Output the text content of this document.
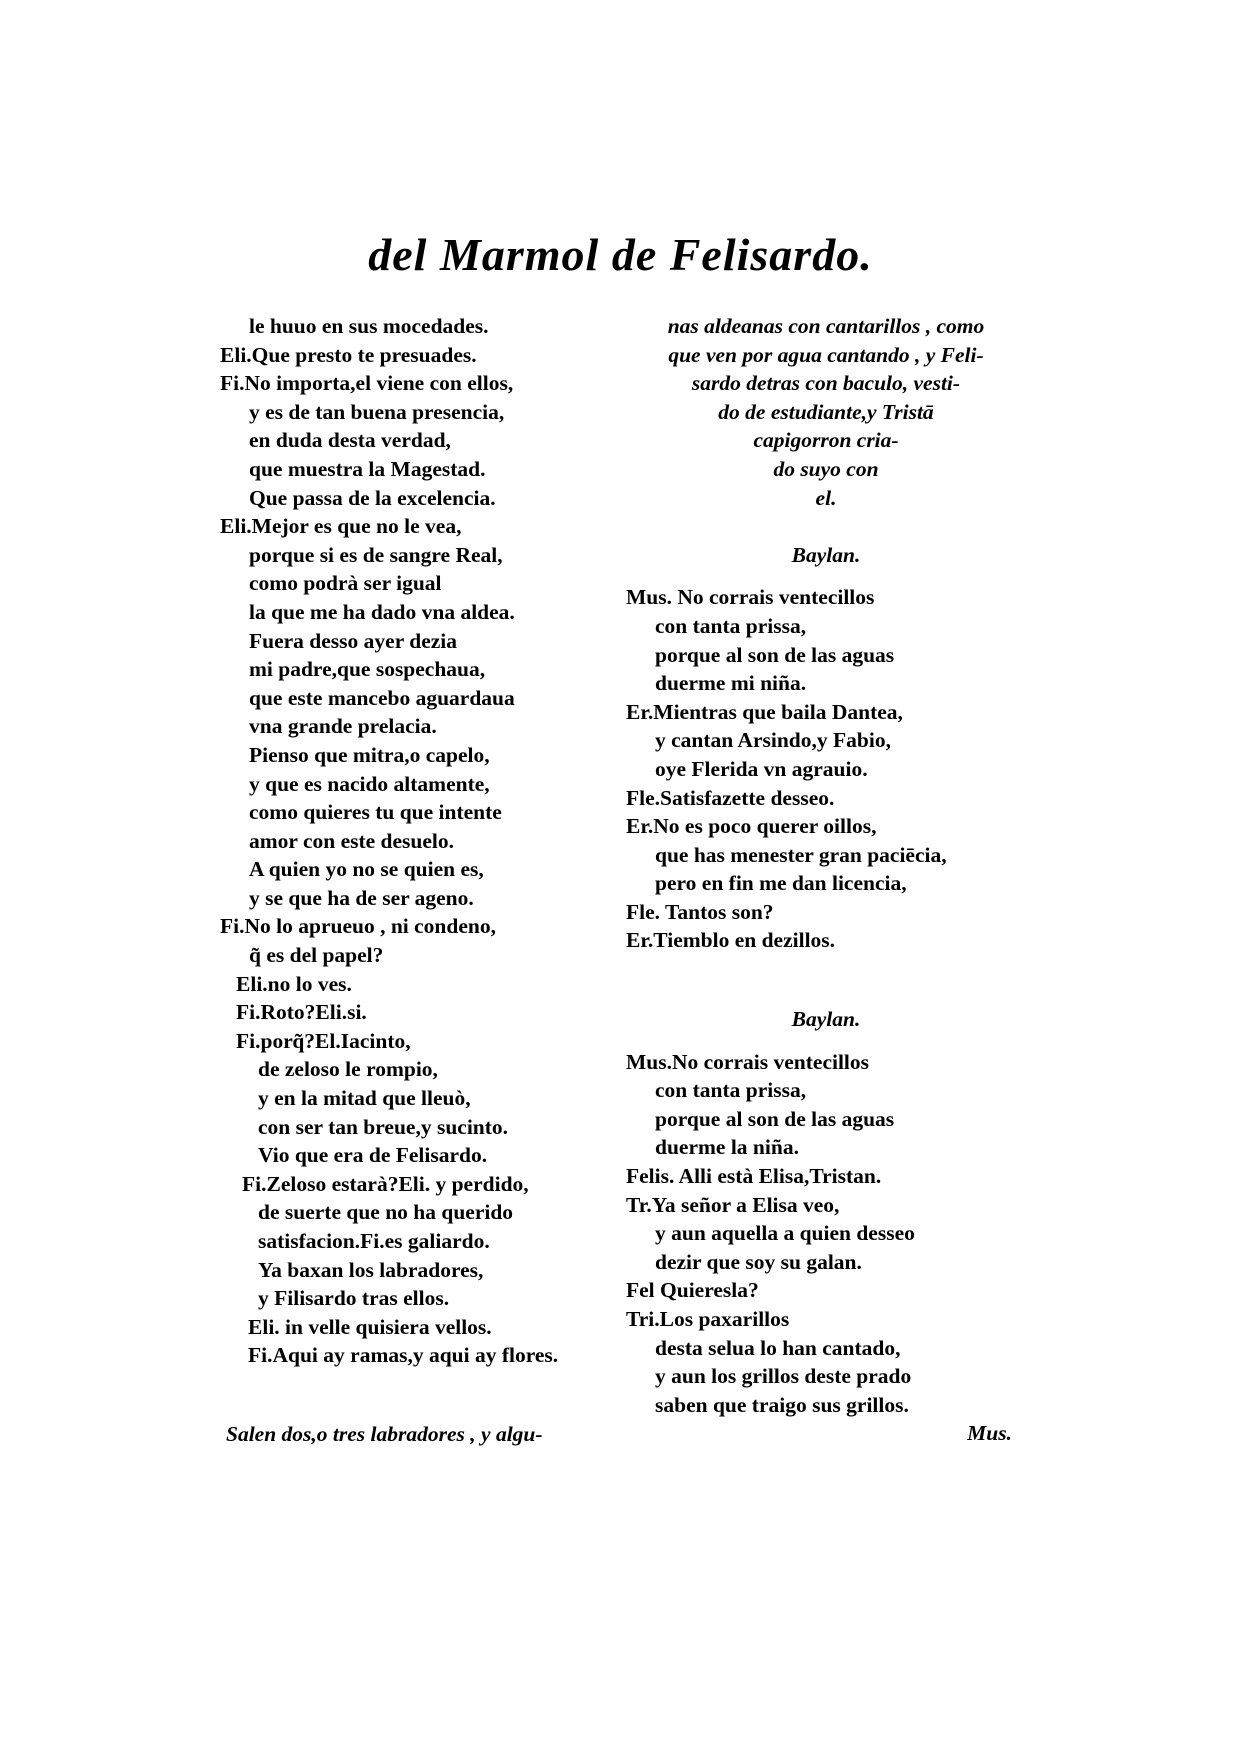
del Marmol de Felisardo.
le huuo en sus mocedades.
Eli.Que presto te presuades.
Fi.No importa,el viene con ellos,
y es de tan buena presencia,
en duda desta verdad,
que muestra la Magestad.
Que passa de la excelencia.
Eli.Mejor es que no le vea,
porque si es de sangre Real,
como podrà ser igual
la que me ha dado vna aldea.
Fuera desso ayer dezia
mi padre,que sospechaua,
que este mancebo aguardaua
vna grande prelacia.
Pienso que mitra,o capelo,
y que es nacido altamente,
como quieres tu que intente
amor con este desuelo.
A quien yo no se quien es,
y se que ha de ser ageno.
Fi.No lo aprueuo , ni condeno,
q̃ es del papel?
Eli.no lo ves.
Fi.Roto?Eli.si.
Fi.porq̃?El.Iacinto,
de zeloso le rompio,
y en la mitad que lleuò,
con ser tan breue,y sucinto.
Vio que era de Felisardo.
Fi.Zeloso estarà?Eli. y perdido,
de suerte que no ha querido
satisfacion.Fi.es galiardo.
Ya baxan los labradores,
y Filisardo tras ellos.
Eli. in velle quisiera vellos.
Fi.Aqui ay ramas,y aqui ay flores.
Salen dos,o tres labradores , y algu-
nas aldeanas con cantarillos , como
que ven por agua cantando , y Feli-
sardo detras con baculo, vesti-
do de estudiante,y Tristā
capigorron cria-
do suyo con
el.
Baylan.
Mus. No corrais ventecillos
con tanta prissa,
porque al son de las aguas
duerme mi niña.
Er.Mientras que baila Dantea,
y cantan Arsindo,y Fabio,
oye Flerida vn agrauio.
Fle.Satisfazette desseo.
Er.No es poco querer oillos,
que has menester gran paciēcia,
pero en fin me dan licencia,
Fle. Tantos son?
Er.Tiemblo en dezillos.
Baylan.
Mus.No corrais ventecillos
con tanta prissa,
porque al son de las aguas
duerme la niña.
Felis. Alli està Elisa,Tristan.
Tr.Ya señor a Elisa veo,
y aun aquella a quien desseo
dezir que soy su galan.
Fel Quieresla?
Tri.Los paxarillos
desta selua lo han cantado,
y aun los grillos deste prado
saben que traigo sus grillos.
Mus.
